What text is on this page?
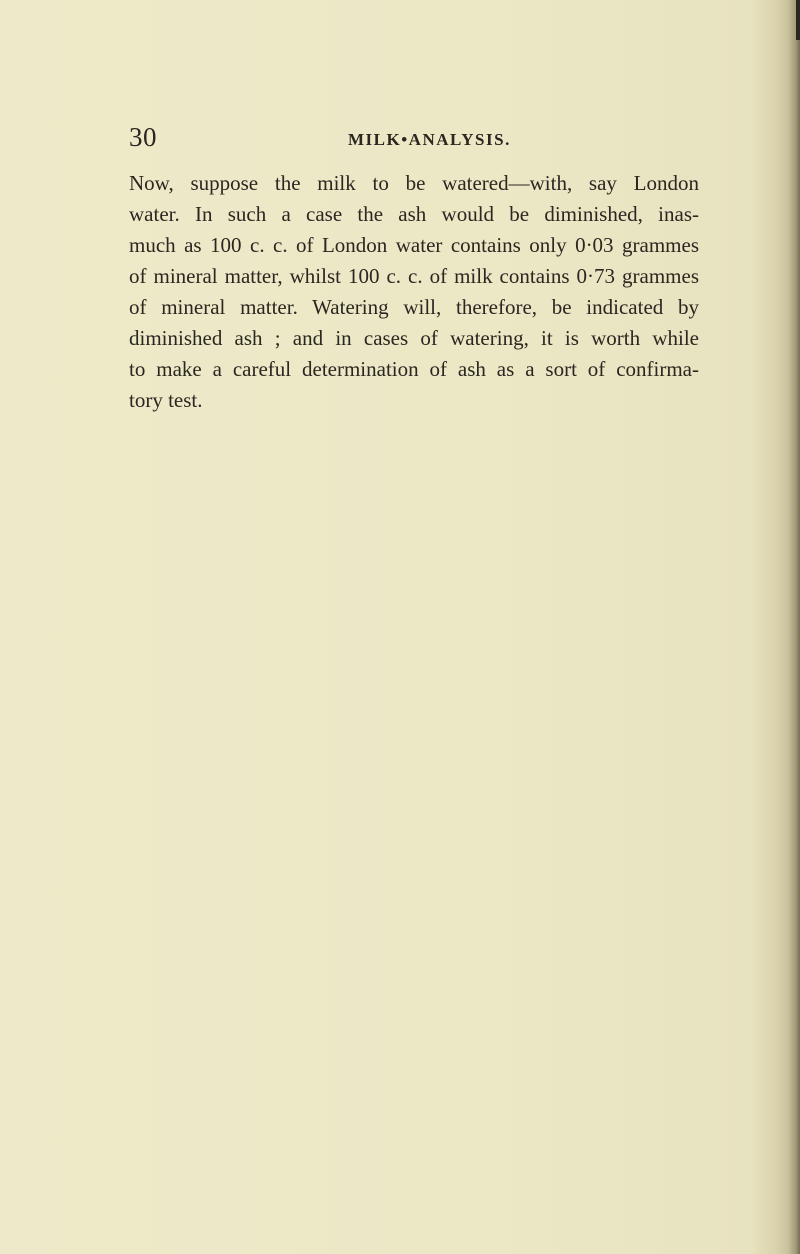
30	MILK•ANALYSIS.
Now, suppose the milk to be watered—with, say London
water. In such a case the ash would be diminished, inas-
much as 100 c. c. of London water contains only 0·03 grammes
of mineral matter, whilst 100 c. c. of milk contains 0·73 grammes
of mineral matter. Watering will, therefore, be indicated by
diminished ash ; and in cases of watering, it is worth while
to make a careful determination of ash as a sort of confirma-
tory test.
